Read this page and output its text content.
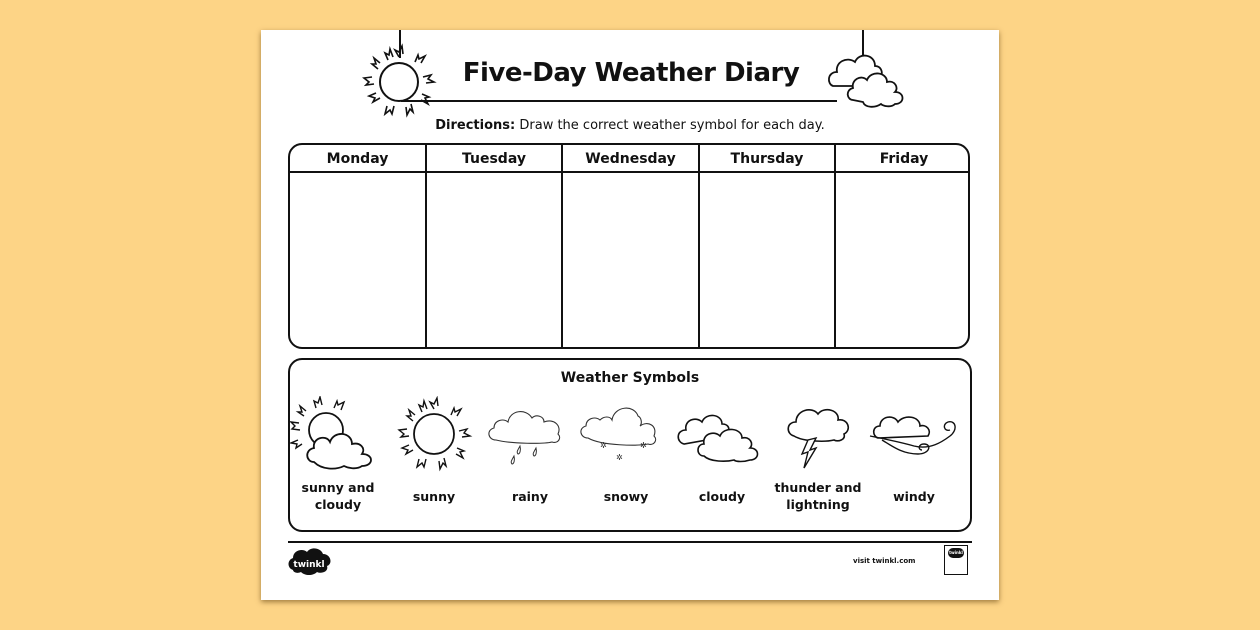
Five-Day Weather Diary
Directions: Draw the correct weather symbol for each day.
Monday	Tuesday	Wednesday	Thursday	Friday
Weather Symbols
sunny and cloudy
sunny	rainy
✲	✲
✲
snowy	cloudy
thunder and lightning
windy
twinkl	visit twinkl.com
twinkl
